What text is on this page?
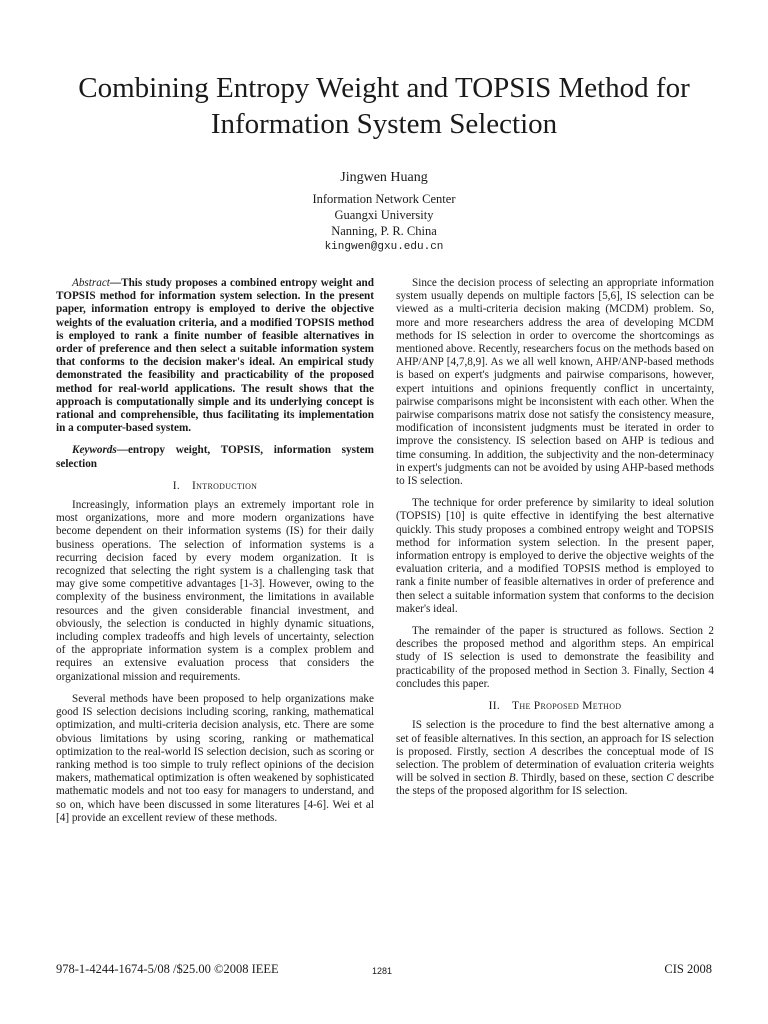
Combining Entropy Weight and TOPSIS Method for Information System Selection
Jingwen Huang
Information Network Center
Guangxi University
Nanning, P. R. China
kingwen@gxu.edu.cn

Abstract—This study proposes a combined entropy weight and TOPSIS method for information system selection. In the present paper, information entropy is employed to derive the objective weights of the evaluation criteria, and a modified TOPSIS method is employed to rank a finite number of feasible alternatives in order of preference and then select a suitable information system that conforms to the decision maker's ideal. An empirical study demonstrated the feasibility and practicability of the proposed method for real-world applications. The result shows that the approach is computationally simple and its underlying concept is rational and comprehensible, thus facilitating its implementation in a computer-based system.

Keywords—entropy weight, TOPSIS, information system selection

I. Introduction

Increasingly, information plays an extremely important role in most organizations, more and more modern organizations have become dependent on their information systems (IS) for their daily business operations. The selection of information systems is a recurring decision faced by every modem organization. It is recognized that selecting the right system is a challenging task that may give some competitive advantages [1-3]. However, owing to the complexity of the business environment, the limitations in available resources and the given considerable financial investment, and obviously, the selection is conducted in highly dynamic situations, including complex tradeoffs and high levels of uncertainty, selection of the appropriate information system is a complex problem and requires an extensive evaluation process that considers the organizational mission and requirements.

Several methods have been proposed to help organizations make good IS selection decisions including scoring, ranking, mathematical optimization, and multi-criteria decision analysis, etc. There are some obvious limitations by using scoring, ranking or mathematical optimization to the real-world IS selection decision, such as scoring or ranking method is too simple to truly reflect opinions of the decision makers, mathematical optimization is often weakened by sophisticated mathematic models and not too easy for managers to understand, and so on, which have been discussed in some literatures [4-6]. Wei et al [4] provide an excellent review of these methods.

Since the decision process of selecting an appropriate information system usually depends on multiple factors [5,6], IS selection can be viewed as a multi-criteria decision making (MCDM) problem. So, more and more researchers address the area of developing MCDM methods for IS selection in order to overcome the shortcomings as mentioned above. Recently, researchers focus on the methods based on AHP/ANP [4,7,8,9]. As we all well known, AHP/ANP-based methods is based on expert's judgments and pairwise comparisons, however, expert intuitions and opinions frequently conflict in uncertainty, pairwise comparisons might be inconsistent with each other. When the pairwise comparisons matrix dose not satisfy the consistency measure, modification of inconsistent judgments must be iterated in order to improve the consistency. IS selection based on AHP is tedious and time consuming. In addition, the subjectivity and the non-determinacy in expert's judgments can not be avoided by using AHP-based methods to IS selection.

The technique for order preference by similarity to ideal solution (TOPSIS) [10] is quite effective in identifying the best alternative quickly. This study proposes a combined entropy weight and TOPSIS method for information system selection. In the present paper, information entropy is employed to derive the objective weights of the evaluation criteria, and a modified TOPSIS method is employed to rank a finite number of feasible alternatives in order of preference and then select a suitable information system that conforms to the decision maker's ideal.

The remainder of the paper is structured as follows. Section 2 describes the proposed method and algorithm steps. An empirical study of IS selection is used to demonstrate the feasibility and practicability of the proposed method in Section 3. Finally, Section 4 concludes this paper.

II. The Proposed Method

IS selection is the procedure to find the best alternative among a set of feasible alternatives. In this section, an approach for IS selection is proposed. Firstly, section A describes the conceptual mode of IS selection. The problem of determination of evaluation criteria weights will be solved in section B. Thirdly, based on these, section C describe the steps of the proposed algorithm for IS selection.

978-1-4244-1674-5/08 /$25.00 ©2008 IEEE	1281	CIS 2008
